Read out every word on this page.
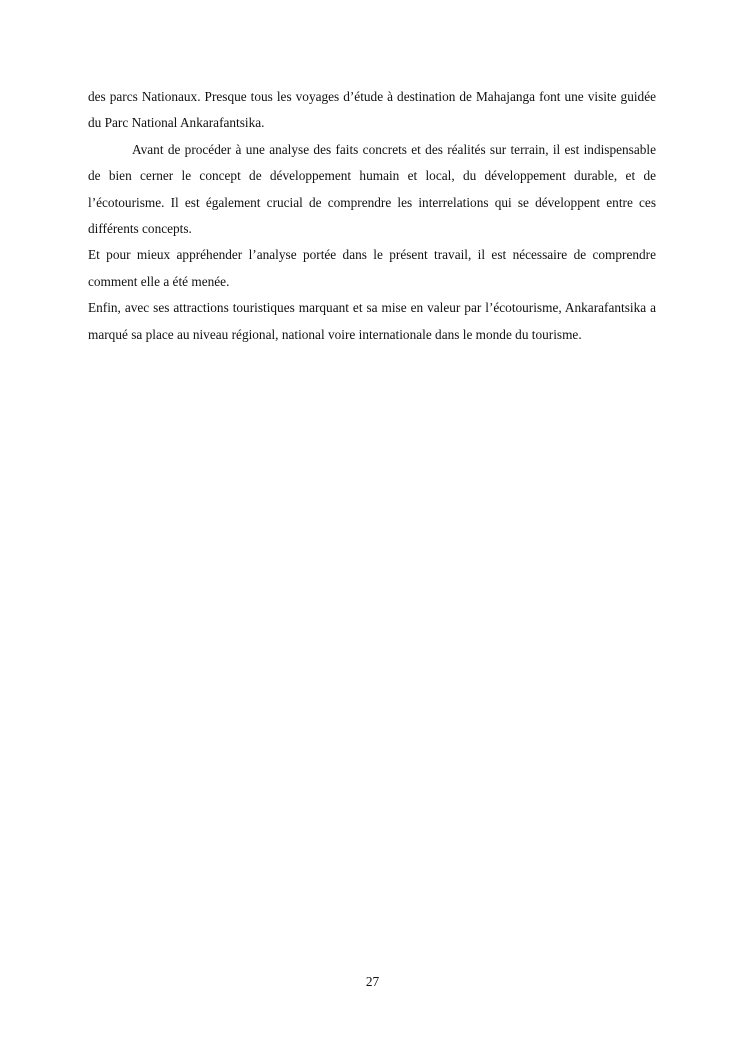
des parcs Nationaux. Presque tous les voyages d’étude à destination de Mahajanga font une visite guidée du Parc National Ankarafantsika.

Avant de procéder à une analyse des faits concrets et des réalités sur terrain, il est indispensable de bien cerner le concept de développement humain et local, du développement durable, et de l’écotourisme. Il est également crucial de comprendre les interrelations qui se développent entre ces différents concepts.

Et pour mieux appréhender l’analyse portée dans le présent travail, il est nécessaire de comprendre comment elle a été menée.

Enfin, avec ses attractions touristiques marquant et sa mise en valeur par l’écotourisme, Ankarafantsika a marqué sa place au niveau régional, national voire internationale dans le monde du tourisme.

27
